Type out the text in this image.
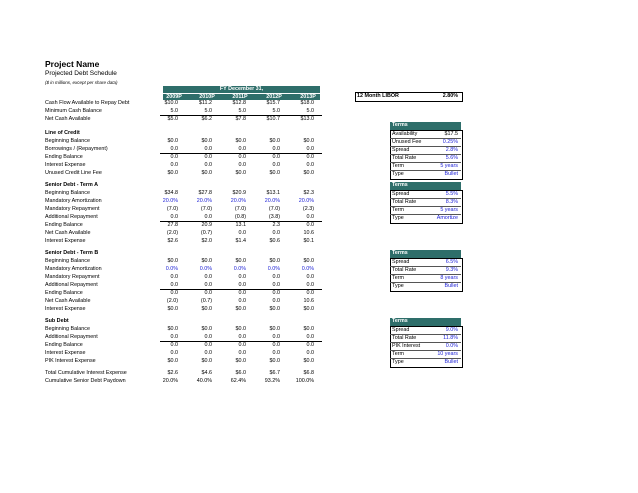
Project Name
Projected Debt Schedule
($ in millions, except per share data)
FY December 31,
2009P	2010P	2011P	2012P	2013P	12 Month LIBOR	2.80%
Cash Flow Available to Repay Debt	$10.0	$11.2	$12.8	$15.7	$18.0
Minimum Cash Balance	5.0	5.0	5.0	5.0	5.0
Net Cash Available	$5.0	$6.2	$7.8	$10.7	$13.0
Line of Credit
Beginning Balance	$0.0	$0.0	$0.0	$0.0	$0.0
Borrowings / (Repayment)	0.0	0.0	0.0	0.0	0.0
Ending Balance	0.0	0.0	0.0	0.0	0.0
Interest Expense	0.0	0.0	0.0	0.0	0.0
Unused Credit Line Fee	$0.0	$0.0	$0.0	$0.0	$0.0
Terms
Availability	$17.5
Unused Fee	0.25%
Spread	2.8%
Total Rate	5.6%
Term	5 years
Type	Bullet
Senior Debt - Term A
Beginning Balance	$34.8	$27.8	$20.9	$13.1	$2.3
Mandatory Amortization	20.0%	20.0%	20.0%	20.0%	20.0%
Mandatory Repayment	(7.0)	(7.0)	(7.0)	(7.0)	(2.3)
Additional Repayment	0.0	0.0	(0.8)	(3.8)	0.0
Ending Balance	27.8	20.9	13.1	2.3	0.0
Net Cash Available	(2.0)	(0.7)	0.0	0.0	10.6
Interest Expense	$2.6	$2.0	$1.4	$0.6	$0.1
Terms
Spread	5.5%
Total Rate	8.3%
Term	5 years
Type	Amortize
Senior Debt - Term B
Beginning Balance	$0.0	$0.0	$0.0	$0.0	$0.0
Mandatory Amortization	0.0%	0.0%	0.0%	0.0%	0.0%
Mandatory Repayment	0.0	0.0	0.0	0.0	0.0
Additional Repayment	0.0	0.0	0.0	0.0	0.0
Ending Balance	0.0	0.0	0.0	0.0	0.0
Net Cash Available	(2.0)	(0.7)	0.0	0.0	10.6
Interest Expense	$0.0	$0.0	$0.0	$0.0	$0.0
Terms
Spread	6.5%
Total Rate	9.3%
Term	8 years
Type	Bullet
Sub Debt
Beginning Balance	$0.0	$0.0	$0.0	$0.0	$0.0
Additional Repayment	0.0	0.0	0.0	0.0	0.0
Ending Balance	0.0	0.0	0.0	0.0	0.0
Interest Expense	0.0	0.0	0.0	0.0	0.0
PIK Interest Expense	$0.0	$0.0	$0.0	$0.0	$0.0
Terms
Spread	9.0%
Total Rate	11.8%
PIK Interest	0.0%
Term	10 years
Type	Bullet
Total Cumulative Interest Expense	$2.6	$4.6	$6.0	$6.7	$6.8
Cumulative Senior Debt Paydown	20.0%	40.0%	62.4%	93.2%	100.0%
